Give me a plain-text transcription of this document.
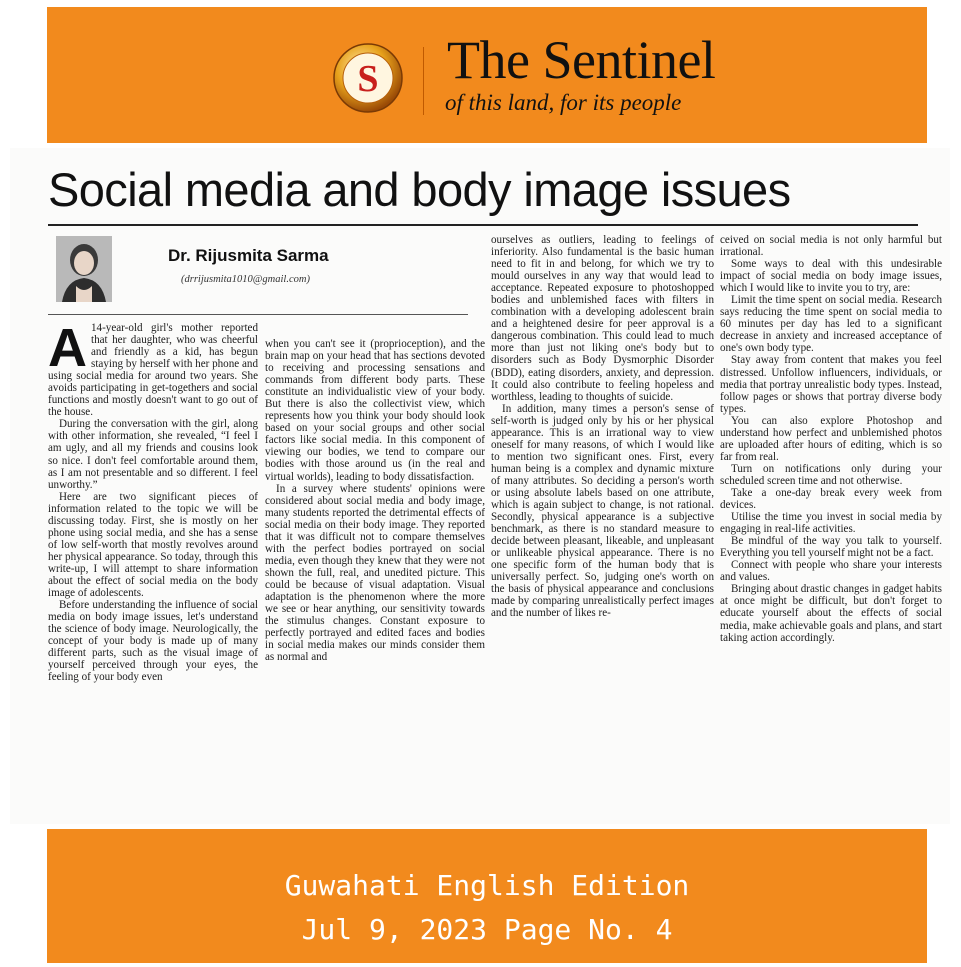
S The Sentinel
of this land, for its people
Social media and body image issues
Dr. Rijusmita Sarma
(drrijusmita1010@gmail.com)

A 14-year-old girl's mother reported that her daughter, who was cheerful and friendly as a kid, has begun staying by herself with her phone and using social media for around two years. She avoids participating in get-togethers and social functions and mostly doesn't want to go out of the house.

During the conversation with the girl, along with other information, she revealed, “I feel I am ugly, and all my friends and cousins look so nice. I don't feel comfortable around them, as I am not presentable and so different. I feel unworthy.”

Here are two significant pieces of information related to the topic we will be discussing today. First, she is mostly on her phone using social media, and she has a sense of low self-worth that mostly revolves around her physical appearance. So today, through this write-up, I will attempt to share information about the effect of social media on the body image of adolescents.

Before understanding the influence of social media on body image issues, let's understand the science of body image. Neurologically, the concept of your body is made up of many different parts, such as the visual image of yourself perceived through your eyes, the feeling of your body even

when you can't see it (proprioception), and the brain map on your head that has sections devoted to receiving and processing sensations and commands from different body parts. These constitute an individualistic view of your body. But there is also the collectivist view, which represents how you think your body should look based on your social groups and other social factors like social media. In this component of viewing our bodies, we tend to compare our bodies with those around us (in the real and virtual worlds), leading to body dissatisfaction.

In a survey where students' opinions were considered about social media and body image, many students reported the detrimental effects of social media on their body image. They reported that it was difficult not to compare themselves with the perfect bodies portrayed on social media, even though they knew that they were not shown the full, real, and unedited picture. This could be because of visual adaptation. Visual adaptation is the phenomenon where the more we see or hear anything, our sensitivity towards the stimulus changes. Constant exposure to perfectly portrayed and edited faces and bodies in social media makes our minds consider them as normal and

ourselves as outliers, leading to feelings of inferiority. Also fundamental is the basic human need to fit in and belong, for which we try to mould ourselves in any way that would lead to acceptance. Repeated exposure to photoshopped bodies and unblemished faces with filters in combination with a developing adolescent brain and a heightened desire for peer approval is a dangerous combination. This could lead to much more than just not liking one's body but to disorders such as Body Dysmorphic Disorder (BDD), eating disorders, anxiety, and depression. It could also contribute to feeling hopeless and worthless, leading to thoughts of suicide.

In addition, many times a person's sense of self-worth is judged only by his or her physical appearance. This is an irrational way to view oneself for many reasons, of which I would like to mention two significant ones. First, every human being is a complex and dynamic mixture of many attributes. So deciding a person's worth or using absolute labels based on one attribute, which is again subject to change, is not rational. Secondly, physical appearance is a subjective benchmark, as there is no standard measure to decide between pleasant, likeable, and unpleasant or unlikeable physical appearance. There is no one specific form of the human body that is universally perfect. So, judging one's worth on the basis of physical appearance and conclusions made by comparing unrealistically perfect images and the number of likes re-

ceived on social media is not only harmful but irrational.

Some ways to deal with this undesirable impact of social media on body image issues, which I would like to invite you to try, are:

Limit the time spent on social media. Research says reducing the time spent on social media to 60 minutes per day has led to a significant decrease in anxiety and increased acceptance of one's own body type.

Stay away from content that makes you feel distressed. Unfollow influencers, individuals, or media that portray unrealistic body types. Instead, follow pages or shows that portray diverse body types.

You can also explore Photoshop and understand how perfect and unblemished photos are uploaded after hours of editing, which is so far from real.

Turn on notifications only during your scheduled screen time and not otherwise.

Take a one-day break every week from devices.

Utilise the time you invest in social media by engaging in real-life activities.

Be mindful of the way you talk to yourself. Everything you tell yourself might not be a fact.

Connect with people who share your interests and values.

Bringing about drastic changes in gadget habits at once might be difficult, but don't forget to educate yourself about the effects of social media, make achievable goals and plans, and start taking action accordingly.

Guwahati English Edition
Jul 9, 2023 Page No. 4
